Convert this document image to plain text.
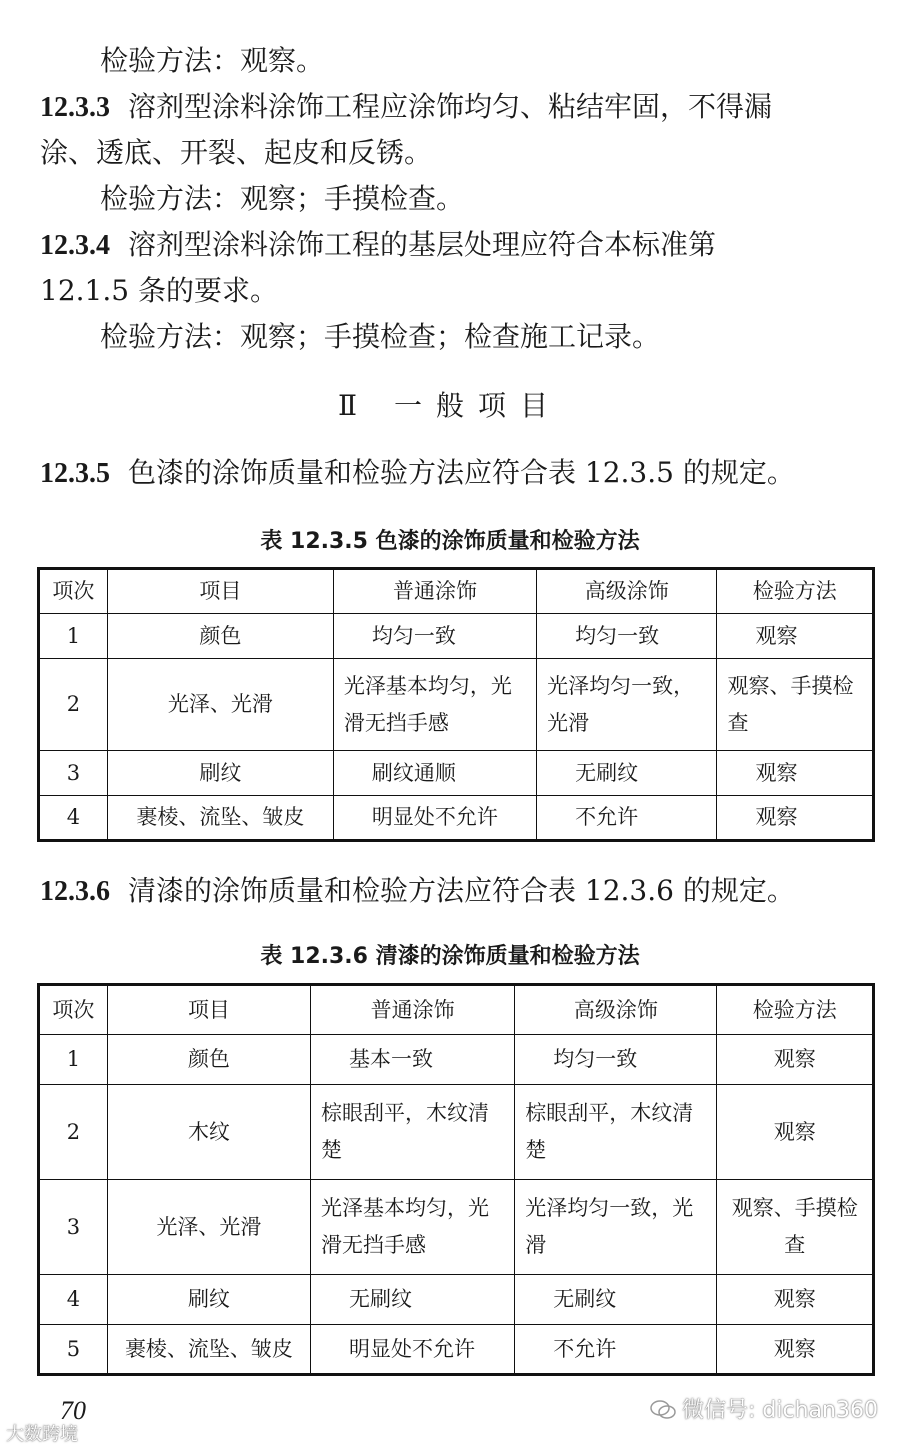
检验方法：观察。
12.3.3 溶剂型涂料涂饰工程应涂饰均匀、粘结牢固，不得漏
涂、透底、开裂、起皮和反锈。
检验方法：观察；手摸检查。
12.3.4 溶剂型涂料涂饰工程的基层处理应符合本标准第
12.1.5 条的要求。
检验方法：观察；手摸检查；检查施工记录。
Ⅱ 一般项目
12.3.5 色漆的涂饰质量和检验方法应符合表 12.3.5 的规定。
表 12.3.5 色漆的涂饰质量和检验方法
项次	项目	普通涂饰	高级涂饰	检验方法
1	颜色	均匀一致	均匀一致	观察
2	光泽、光滑	光泽基本均匀，光滑无挡手感	光泽均匀一致，光滑	观察、手摸检查
3	刷纹	刷纹通顺	无刷纹	观察
4	裹棱、流坠、皱皮	明显处不允许	不允许	观察
12.3.6 清漆的涂饰质量和检验方法应符合表 12.3.6 的规定。
表 12.3.6 清漆的涂饰质量和检验方法
项次	项目	普通涂饰	高级涂饰	检验方法
1	颜色	基本一致	均匀一致	观察
2	木纹	棕眼刮平，木纹清楚	棕眼刮平，木纹清楚	观察
3	光泽、光滑	光泽基本均匀，光滑无挡手感	光泽均匀一致，光滑	观察、手摸检查
4	刷纹	无刷纹	无刷纹	观察
5	裹棱、流坠、皱皮	明显处不允许	不允许	观察
70
大数跨境
微信号: dichan360
